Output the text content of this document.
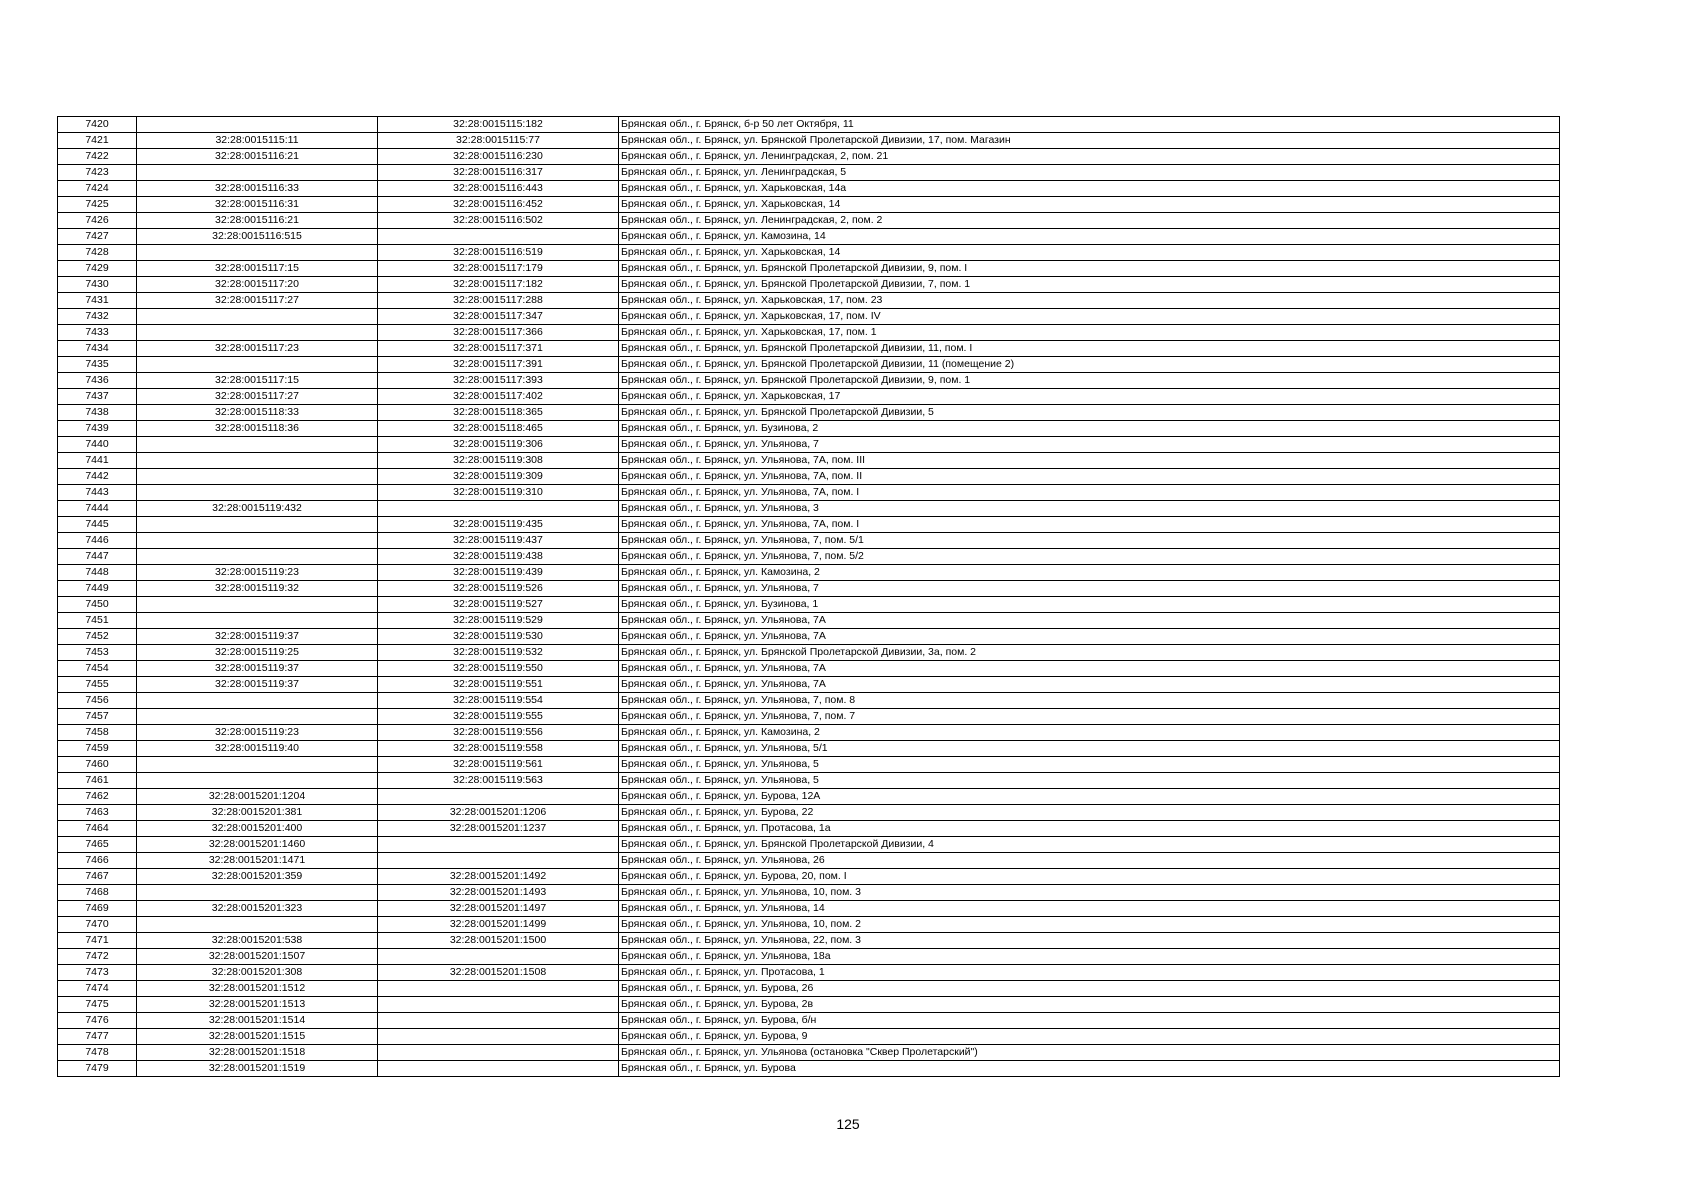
7420		32:28:0015115:182	Брянская обл., г. Брянск, б-р 50 лет Октября, 11
7421	32:28:0015115:11	32:28:0015115:77	Брянская обл., г. Брянск, ул. Брянской Пролетарской Дивизии, 17, пом. Магазин
7422	32:28:0015116:21	32:28:0015116:230	Брянская обл., г. Брянск, ул. Ленинградская, 2, пом. 21
7423		32:28:0015116:317	Брянская обл., г. Брянск, ул. Ленинградская, 5
7424	32:28:0015116:33	32:28:0015116:443	Брянская обл., г. Брянск, ул. Харьковская, 14а
7425	32:28:0015116:31	32:28:0015116:452	Брянская обл., г. Брянск, ул. Харьковская, 14
7426	32:28:0015116:21	32:28:0015116:502	Брянская обл., г. Брянск, ул. Ленинградская, 2, пом. 2
7427	32:28:0015116:515		Брянская обл., г. Брянск, ул. Камозина, 14
7428		32:28:0015116:519	Брянская обл., г. Брянск, ул. Харьковская, 14
7429	32:28:0015117:15	32:28:0015117:179	Брянская обл., г. Брянск, ул. Брянской Пролетарской Дивизии, 9, пом. I
7430	32:28:0015117:20	32:28:0015117:182	Брянская обл., г. Брянск, ул. Брянской Пролетарской Дивизии, 7, пом. 1
7431	32:28:0015117:27	32:28:0015117:288	Брянская обл., г. Брянск, ул. Харьковская, 17, пом. 23
7432		32:28:0015117:347	Брянская обл., г. Брянск, ул. Харьковская, 17, пом. IV
7433		32:28:0015117:366	Брянская обл., г. Брянск, ул. Харьковская, 17, пом. 1
7434	32:28:0015117:23	32:28:0015117:371	Брянская обл., г. Брянск, ул. Брянской Пролетарской Дивизии, 11, пом. I
7435		32:28:0015117:391	Брянская обл., г. Брянск, ул. Брянской Пролетарской Дивизии, 11 (помещение 2)
7436	32:28:0015117:15	32:28:0015117:393	Брянская обл., г. Брянск, ул. Брянской Пролетарской Дивизии, 9, пом. 1
7437	32:28:0015117:27	32:28:0015117:402	Брянская обл., г. Брянск, ул. Харьковская, 17
7438	32:28:0015118:33	32:28:0015118:365	Брянская обл., г. Брянск, ул. Брянской Пролетарской Дивизии, 5
7439	32:28:0015118:36	32:28:0015118:465	Брянская обл., г. Брянск, ул. Бузинова, 2
7440		32:28:0015119:306	Брянская обл., г. Брянск, ул. Ульянова, 7
7441		32:28:0015119:308	Брянская обл., г. Брянск, ул. Ульянова, 7А, пом. III
7442		32:28:0015119:309	Брянская обл., г. Брянск, ул. Ульянова, 7А, пом. II
7443		32:28:0015119:310	Брянская обл., г. Брянск, ул. Ульянова, 7А, пом. I
7444	32:28:0015119:432		Брянская обл., г. Брянск, ул. Ульянова, 3
7445		32:28:0015119:435	Брянская обл., г. Брянск, ул. Ульянова, 7А, пом. I
7446		32:28:0015119:437	Брянская обл., г. Брянск, ул. Ульянова, 7, пом. 5/1
7447		32:28:0015119:438	Брянская обл., г. Брянск, ул. Ульянова, 7, пом. 5/2
7448	32:28:0015119:23	32:28:0015119:439	Брянская обл., г. Брянск, ул. Камозина, 2
7449	32:28:0015119:32	32:28:0015119:526	Брянская обл., г. Брянск, ул. Ульянова, 7
7450		32:28:0015119:527	Брянская обл., г. Брянск, ул. Бузинова, 1
7451		32:28:0015119:529	Брянская обл., г. Брянск, ул. Ульянова, 7А
7452	32:28:0015119:37	32:28:0015119:530	Брянская обл., г. Брянск, ул. Ульянова, 7А
7453	32:28:0015119:25	32:28:0015119:532	Брянская обл., г. Брянск, ул. Брянской Пролетарской Дивизии, 3а, пом. 2
7454	32:28:0015119:37	32:28:0015119:550	Брянская обл., г. Брянск, ул. Ульянова, 7А
7455	32:28:0015119:37	32:28:0015119:551	Брянская обл., г. Брянск, ул. Ульянова, 7А
7456		32:28:0015119:554	Брянская обл., г. Брянск, ул. Ульянова, 7, пом. 8
7457		32:28:0015119:555	Брянская обл., г. Брянск, ул. Ульянова, 7, пом. 7
7458	32:28:0015119:23	32:28:0015119:556	Брянская обл., г. Брянск, ул. Камозина, 2
7459	32:28:0015119:40	32:28:0015119:558	Брянская обл., г. Брянск, ул. Ульянова, 5/1
7460		32:28:0015119:561	Брянская обл., г. Брянск, ул. Ульянова, 5
7461		32:28:0015119:563	Брянская обл., г. Брянск, ул. Ульянова, 5
7462	32:28:0015201:1204		Брянская обл., г. Брянск, ул. Бурова, 12А
7463	32:28:0015201:381	32:28:0015201:1206	Брянская обл., г. Брянск, ул. Бурова, 22
7464	32:28:0015201:400	32:28:0015201:1237	Брянская обл., г. Брянск, ул. Протасова, 1а
7465	32:28:0015201:1460		Брянская обл., г. Брянск, ул. Брянской Пролетарской Дивизии, 4
7466	32:28:0015201:1471		Брянская обл., г. Брянск, ул. Ульянова, 26
7467	32:28:0015201:359	32:28:0015201:1492	Брянская обл., г. Брянск, ул. Бурова, 20, пом. I
7468		32:28:0015201:1493	Брянская обл., г. Брянск, ул. Ульянова, 10, пом. 3
7469	32:28:0015201:323	32:28:0015201:1497	Брянская обл., г. Брянск, ул. Ульянова, 14
7470		32:28:0015201:1499	Брянская обл., г. Брянск, ул. Ульянова, 10, пом. 2
7471	32:28:0015201:538	32:28:0015201:1500	Брянская обл., г. Брянск, ул. Ульянова, 22, пом. 3
7472	32:28:0015201:1507		Брянская обл., г. Брянск, ул. Ульянова, 18а
7473	32:28:0015201:308	32:28:0015201:1508	Брянская обл., г. Брянск, ул. Протасова, 1
7474	32:28:0015201:1512		Брянская обл., г. Брянск, ул. Бурова, 26
7475	32:28:0015201:1513		Брянская обл., г. Брянск, ул. Бурова, 2в
7476	32:28:0015201:1514		Брянская обл., г. Брянск, ул. Бурова, б/н
7477	32:28:0015201:1515		Брянская обл., г. Брянск, ул. Бурова, 9
7478	32:28:0015201:1518		Брянская обл., г. Брянск, ул. Ульянова (остановка "Сквер Пролетарский")
7479	32:28:0015201:1519		Брянская обл., г. Брянск, ул. Бурова
125
